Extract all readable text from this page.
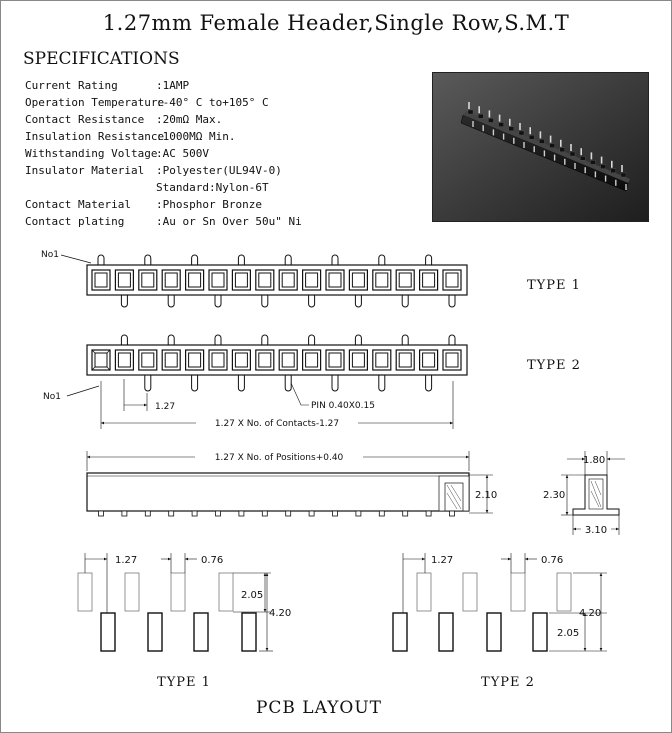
1.27mm Female Header,Single Row,S.M.T
SPECIFICATIONS
Current Rating	:1AMP
Operation Temperature
:-40° C to+105° C
Contact Resistance :20mΩ Max.
Insulation Resistance
:1000MΩ Min.
Withstanding Voltage
:AC 500V
Insulator Material :Polyester(UL94V-0)
Standard:Nylon-6T
Contact Material :Phosphor Bronze
Contact plating	:Au or Sn Over 50u" Ni
No1
TYPE 1
No1
TYPE 2
1.27	PIN 0.40X0.15
1.27 X No. of Contacts-1.27
1.27 X No. of Positions+0.40
2.10
1.80
2.30
3.10
1.27	0.76
2.05
4.20
TYPE 1
1.27	0.76
4.20
2.05
TYPE 2
PCB LAYOUT
